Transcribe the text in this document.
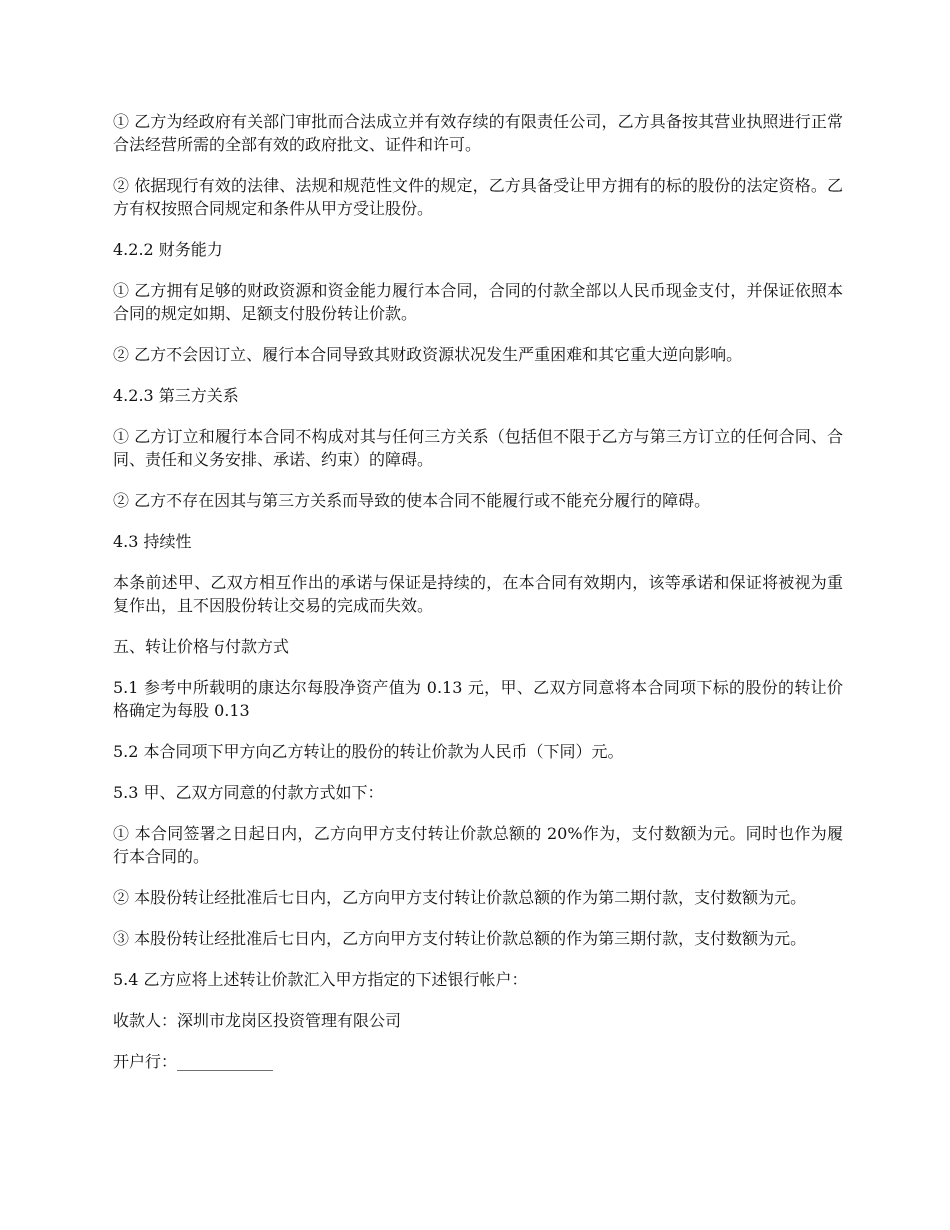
① 乙方为经政府有关部门审批而合法成立并有效存续的有限责任公司，乙方具备按其营业执照进行正常合法经营所需的全部有效的政府批文、证件和许可。

② 依据现行有效的法律、法规和规范性文件的规定，乙方具备受让甲方拥有的标的股份的法定资格。乙方有权按照合同规定和条件从甲方受让股份。

4.2.2 财务能力

① 乙方拥有足够的财政资源和资金能力履行本合同，合同的付款全部以人民币现金支付，并保证依照本合同的规定如期、足额支付股份转让价款。

② 乙方不会因订立、履行本合同导致其财政资源状况发生严重困难和其它重大逆向影响。

4.2.3 第三方关系

① 乙方订立和履行本合同不构成对其与任何三方关系（包括但不限于乙方与第三方订立的任何合同、合同、责任和义务安排、承诺、约束）的障碍。

② 乙方不存在因其与第三方关系而导致的使本合同不能履行或不能充分履行的障碍。

4.3 持续性

本条前述甲、乙双方相互作出的承诺与保证是持续的，在本合同有效期内，该等承诺和保证将被视为重复作出，且不因股份转让交易的完成而失效。

五、转让价格与付款方式

5.1 参考中所载明的康达尔每股净资产值为 0.13 元，甲、乙双方同意将本合同项下标的股份的转让价格确定为每股 0.13

5.2 本合同项下甲方向乙方转让的股份的转让价款为人民币（下同）元。

5.3 甲、乙双方同意的付款方式如下：

① 本合同签署之日起日内，乙方向甲方支付转让价款总额的 20%作为，支付数额为元。同时也作为履行本合同的。

② 本股份转让经批准后七日内，乙方向甲方支付转让价款总额的作为第二期付款，支付数额为元。

③ 本股份转让经批准后七日内，乙方向甲方支付转让价款总额的作为第三期付款，支付数额为元。

5.4 乙方应将上述转让价款汇入甲方指定的下述银行帐户：

收款人：深圳市龙岗区投资管理有限公司

开户行：____________
